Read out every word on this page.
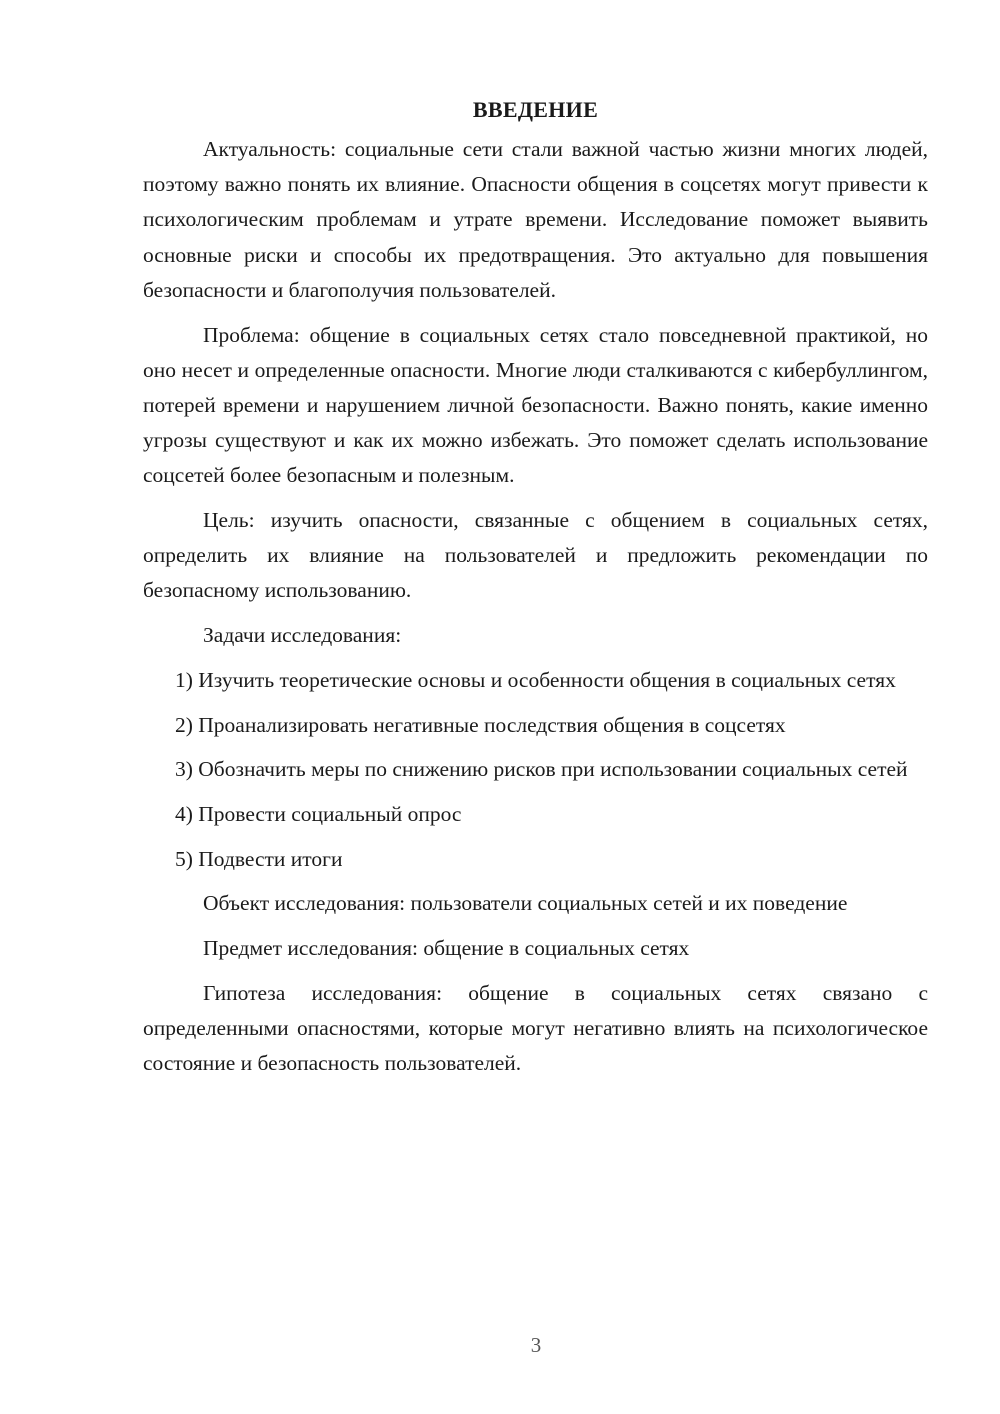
ВВЕДЕНИЕ

Актуальность: социальные сети стали важной частью жизни многих людей, поэтому важно понять их влияние. Опасности общения в соцсетях могут привести к психологическим проблемам и утрате времени. Исследование поможет выявить основные риски и способы их предотвращения. Это актуально для повышения безопасности и благополучия пользователей.

Проблема: общение в социальных сетях стало повседневной практикой, но оно несет и определенные опасности. Многие люди сталкиваются с кибербуллингом, потерей времени и нарушением личной безопасности. Важно понять, какие именно угрозы существуют и как их можно избежать. Это поможет сделать использование соцсетей более безопасным и полезным.

Цель: изучить опасности, связанные с общением в социальных сетях, определить их влияние на пользователей и предложить рекомендации по безопасному использованию.

Задачи исследования:

1) Изучить теоретические основы и особенности общения в социальных сетях

2) Проанализировать негативные последствия общения в соцсетях

3) Обозначить меры по снижению рисков при использовании социальных сетей

4) Провести социальный опрос

5) Подвести итоги

Объект исследования: пользователи социальных сетей и их поведение

Предмет исследования: общение в социальных сетях

Гипотеза исследования: общение в социальных сетях связано с определенными опасностями, которые могут негативно влиять на психологическое состояние и безопасность пользователей.

3
